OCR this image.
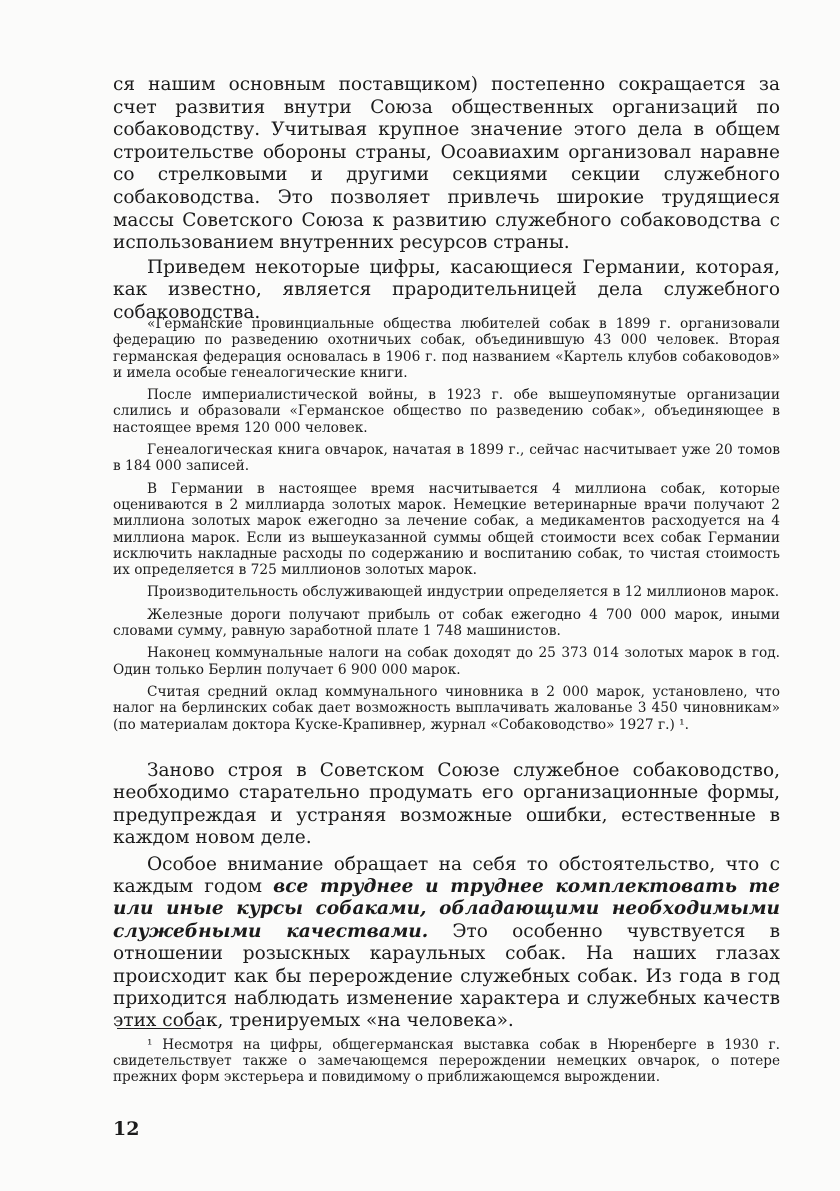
ся нашим основным поставщиком) постепенно сокращается за счет развития внутри Союза общественных организаций по собаководству. Учитывая крупное значение этого дела в общем строительстве обороны страны, Осоавиахим организовал наравне со стрелковыми и другими секциями секции служебного собаководства. Это позволяет привлечь широкие трудящиеся массы Советского Союза к развитию служебного собаководства с использованием внутренних ресурсов страны.

Приведем некоторые цифры, касающиеся Германии, которая, как известно, является прародительницей дела служебного собаководства.

«Германские провинциальные общества любителей собак в 1899 г. организовали федерацию по разведению охотничьих собак, объединившую 43 000 человек. Вторая германская федерация основалась в 1906 г. под названием «Картель клубов собаководов» и имела особые генеалогические книги.

После империалистической войны, в 1923 г. обе вышеупомянутые организации слились и образовали «Германское общество по разведению собак», объединяющее в настоящее время 120 000 человек.

Генеалогическая книга овчарок, начатая в 1899 г., сейчас насчитывает уже 20 томов в 184 000 записей.

В Германии в настоящее время насчитывается 4 миллиона собак, которые оцениваются в 2 миллиарда золотых марок. Немецкие ветеринарные врачи получают 2 миллиона золотых марок ежегодно за лечение собак, а медикаментов расходуется на 4 миллиона марок. Если из вышеуказанной суммы общей стоимости всех собак Германии исключить накладные расходы по содержанию и воспитанию собак, то чистая стоимость их определяется в 725 миллионов золотых марок.

Производительность обслуживающей индустрии определяется в 12 миллионов марок.

Железные дороги получают прибыль от собак ежегодно 4 700 000 марок, иными словами сумму, равную заработной плате 1 748 машинистов.

Наконец коммунальные налоги на собак доходят до 25 373 014 золотых марок в год. Один только Берлин получает 6 900 000 марок.

Считая средний оклад коммунального чиновника в 2 000 марок, установлено, что налог на берлинских собак дает возможность выплачивать жалованье 3 450 чиновникам» (по материалам доктора Куске-Крапивнер, журнал «Собаководство» 1927 г.) ¹.

Заново строя в Советском Союзе служебное собаководство, необходимо старательно продумать его организационные формы, предупреждая и устраняя возможные ошибки, естественные в каждом новом деле.

Особое внимание обращает на себя то обстоятельство, что с каждым годом все труднее и труднее комплектовать те или иные курсы собаками, обладающими необходимыми служебными качествами. Это особенно чувствуется в отношении розыскных караульных собак. На наших глазах происходит как бы перерождение служебных собак. Из года в год приходится наблюдать изменение характера и служебных качеств этих собак, тренируемых «на человека».

¹ Несмотря на цифры, общегерманская выставка собак в Нюренберге в 1930 г. свидетельствует также о замечающемся перерождении немецких овчарок, о потере прежних форм экстерьера и повидимому о приближающемся вырождении.

12
